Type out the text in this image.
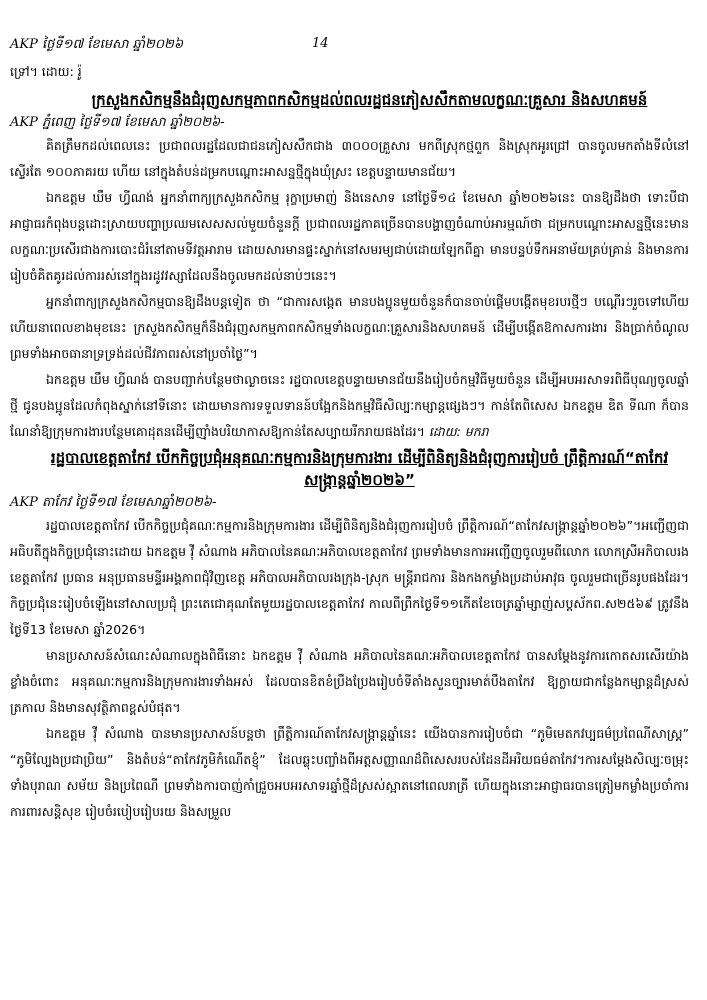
AKP ថ្ងៃទី១៧ ខែមេសា ឆ្នាំ២០២៦	14

ទ្រៅ។ ដោយ: រ៉ូ

ក្រសួងកសិកម្មនឹងជំរុញសកម្មភាពកសិកម្មដល់ពលរដ្ឋជនភៀសសឹកតាមលក្ខណៈគ្រួសារ និងសហគមន៍

AKP ភ្នំពេញ ថ្ងៃទី១៧ ខែមេសា ឆ្នាំ២០២៦-

គិតត្រឹមកដល់ពេលនេះ ប្រជាពលរដ្ឋដែលជាជនភៀសសឹកជាង ៣០០០គ្រួសារ មកពីស្រុកថ្មពួក និងស្រុកអូរជ្រៅ បានចូលមកតាំងទីលំនៅស្ទើរតែ ១០០ភាគរយ ហើយ នៅក្នុងតំបន់ដម្រកបណ្តោះអាសន្នថ្មីក្នុងឃុំស្រះ ខេត្តបន្ទាយមានជ័យ។

ឯកឧត្តម ឃឹម ហ្វីណង់ អ្នកនាំពាក្យក្រសួងកសិកម្ម រុក្ខាប្រមាញ់ និងនេសាទ នៅថ្ងៃទី១៤ ខែមេសា ឆ្នាំ២០២៦នេះ បានឱ្យដឹងថា ទោះបីជាអាជ្ញាធរកំពុងបន្តដោះស្រាយបញ្ហាប្រឈមសេសសល់មួយចំនួនក្តី ប្រជាពលរដ្ឋភាគច្រើនបានបង្ហាញចំណាប់អារម្មណ៍ថា ជម្រកបណ្ដោះអាសន្នថ្មីនេះមានលក្ខណៈប្រសើរជាងការបោះជំរំនៅតាមទីវត្តអារាម ដោយសារមានផ្ទះស្នាក់នៅសមរម្យជាប់ដោយឡែកពីគ្នា មានបន្ទប់ទឹកអនាម័យគ្រប់គ្រាន់ និងមានការរៀបចំគិតគូរដល់ការរស់នៅក្នុងរដូវវស្សាដែលនឹងចូលមកដល់នាប់ៗនេះ។

អ្នកនាំពាក្យក្រសួងកសិកម្មបានឱ្យដឹងបន្តទៀត ថា “ជាការសង្កេត មានបងប្អូនមួយចំនួនក៏បានចាប់ផ្តើមបង្កើតមុខរបរថ្មីៗ បណ្តើរៗរួចទៅហើយ ហើយនាពេលខាងមុខនេះ ក្រសួងកសិកម្មក៏នឹងជំរុញសកម្មភាពកសិកម្មទាំងលក្ខណៈគ្រួសារនិងសហគមន៍ ដើម្បីបង្កើតឱកាសការងារ និងប្រាក់ចំណូល ព្រមទាំងអាចធានាទ្រទ្រង់ដល់ជីវភាពរស់នៅប្រចាំថ្ងៃ”។

ឯកឧត្តម ឃឹម ហ្វីណង់ បានបញ្ជាក់បន្ថែមថាល្ងាចនេះ រដ្ឋបាលខេត្តបន្ទាយមានជ័យនឹងរៀបចំកម្មវិធីមួយចំនួន ដើម្បីអបអរសាទរពិធីបុណ្យចូលឆ្នាំថ្មី ជូនបងប្អូនដែលកំពុងស្នាក់នៅទីនោះ ដោយមានការទទួលទានន៍បង្អែកនិងកម្មវិធីសិល្បៈកម្សាន្តផ្សេងៗ។ កាន់តែពិសេស ឯកឧត្តម ឌិត ទីណា ក៏បានណែនាំឱ្យក្រុមការងារបន្ថែមគោដុតនដើម្បីញ៉ាំងបរិយាកាសឱ្យកាន់តែសប្បាយរីករាយផងដែរ។ ដោយ: មករា

រដ្ឋបាលខេត្តតាកែវ បើកកិច្ចប្រជុំអនុគណៈកម្មការនិងក្រុមការងារ ដើម្បីពិនិត្យនិងជំរុញការរៀបចំ ព្រឹត្តិការណ៍“តាកែវសង្ក្រាន្តឆ្នាំ២០២៦”

AKP តាកែវ ថ្ងៃទី១៧ ខែមេសាឆ្នាំ២០២៦-

រដ្ឋបាលខេត្តតាកែវ បើកកិច្ចប្រជុំគណៈកម្មការនិងក្រុមការងារ ដើម្បីពិនិត្យនិងជំរុញការរៀបចំ ព្រឹត្តិការណ៍“តាកែវសង្ក្រាន្តឆ្នាំ២០២៦”។អញ្ជើញជាអធិបតីក្នុងកិច្ចប្រជុំនោះដោយ ឯកឧត្តម វ៉ី សំណាង អភិបាលនៃគណៈអភិបាលខេត្តតាកែវ ព្រមទាំងមានការអញ្ជើញចូលរួមពីលោក លោកស្រីអភិបាលរងខេត្តតាកែវ ប្រធាន អនុប្រធានមន្ទីរអង្គភាពជុំវិញខេត្ត អភិបាលអភិបាលរងក្រុង-ស្រុក មន្ត្រីរាជការ និងកងកម្លាំងប្រដាប់អាវុធ ចូលរួមជាច្រើនរូបផងដែរ។កិច្ចប្រជុំនេះរៀបចំឡើងនៅសាលប្រជុំ ព្រះតេជោគុណតែមួយរដ្ឋបាលខេត្តតាកែវ កាលពីព្រឹកថ្ងៃទី១១កើតខែចេត្រឆ្នាំម្សាញ់សប្តស័កព.ស២៥៦៩ ត្រូវនឹងថ្ងៃទី13 ខែមេសា ឆ្នាំ2026។

មានប្រសាសន៍សំណេះសំណាលក្នុងពិធីនោះ ឯកឧត្តម វ៉ី សំណាង អភិបាលនៃគណៈអភិបាលខេត្តតាកែវ បានសម្តែងនូវការកោតសរសើរយ៉ាងខ្លាំងចំពោះ អនុគណៈកម្មការនិងក្រុមការងារទាំងអស់ ដែលបានខិតខំប្រឹងប្រែងរៀបចំទីតាំងសួនច្បារមាត់បឹងតាកែវ ឱ្យក្លាយជាកន្លែងកម្សាន្តដ៏ស្រស់ត្រកាល និងមានសុវត្ថិភាពខ្ពស់បំផុត។

ឯកឧត្តម វ៉ី សំណាង បានមានប្រសាសន៍បន្តថា ព្រឹត្តិការណ៍តាកែវសង្ក្រាន្តឆ្នាំនេះ យើងបានការរៀបចំជា “ភូមិមេតកវប្បធម៌ប្រពៃណីសាស្ត្រ” “ភូមិល្បែងប្រជាប្រិយ” និងតំបន់“តាកែវភូមិកំណើតខ្ញុំ” ដែលឆ្លុះបញ្ចាំងពីអត្តសញ្ញាណដ៏ពិសេសរបស់ដែនដីអរិយធម៌តាកែវ។ការសម្តែងសិល្បៈចម្រុះទាំងបុរាណ សម័យ និងប្រពៃណី ព្រមទាំងការបាញ់កាំជ្រួចអបអរសាទរឆ្នាំថ្មីដ៏ស្រស់ស្អាតនៅពេលរាត្រី ហើយក្នុងនោះអាជ្ញាធរបានត្រៀមកម្លាំងប្រចាំការការពារសន្តិសុខ រៀបចំរបៀបរៀបរយ និងសម្រួល
